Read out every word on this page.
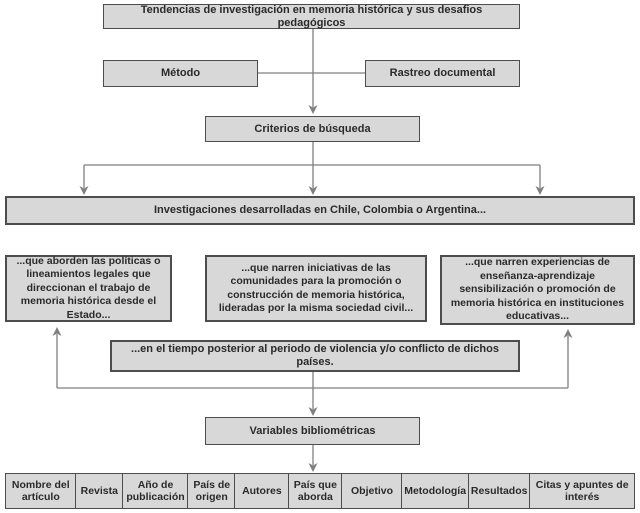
Tendencias de investigación en memoria histórica y sus desafios pedagógicos
Método	Rastreo documental
Criterios de búsqueda
Investigaciones desarrolladas en Chile, Colombia o Argentina...
...que aborden las políticas o lineamientos legales que direccionan el trabajo de memoria histórica desde el Estado...
...que narren iniciativas de las comunidades para la promoción o construcción de memoria histórica, lideradas por la misma sociedad civil...
...que narren experiencias de enseñanza-aprendizaje sensibilización o promoción de memoria histórica en instituciones educativas...
...en el tiempo posterior al periodo de violencia y/o conflicto de dichos países.
Variables bibliométricas
Nombre del artículo
Revista
Año de publicación
País de origen
Autores
País que aborda
Objetivo	Metodología Resultados
Citas y apuntes de interés
